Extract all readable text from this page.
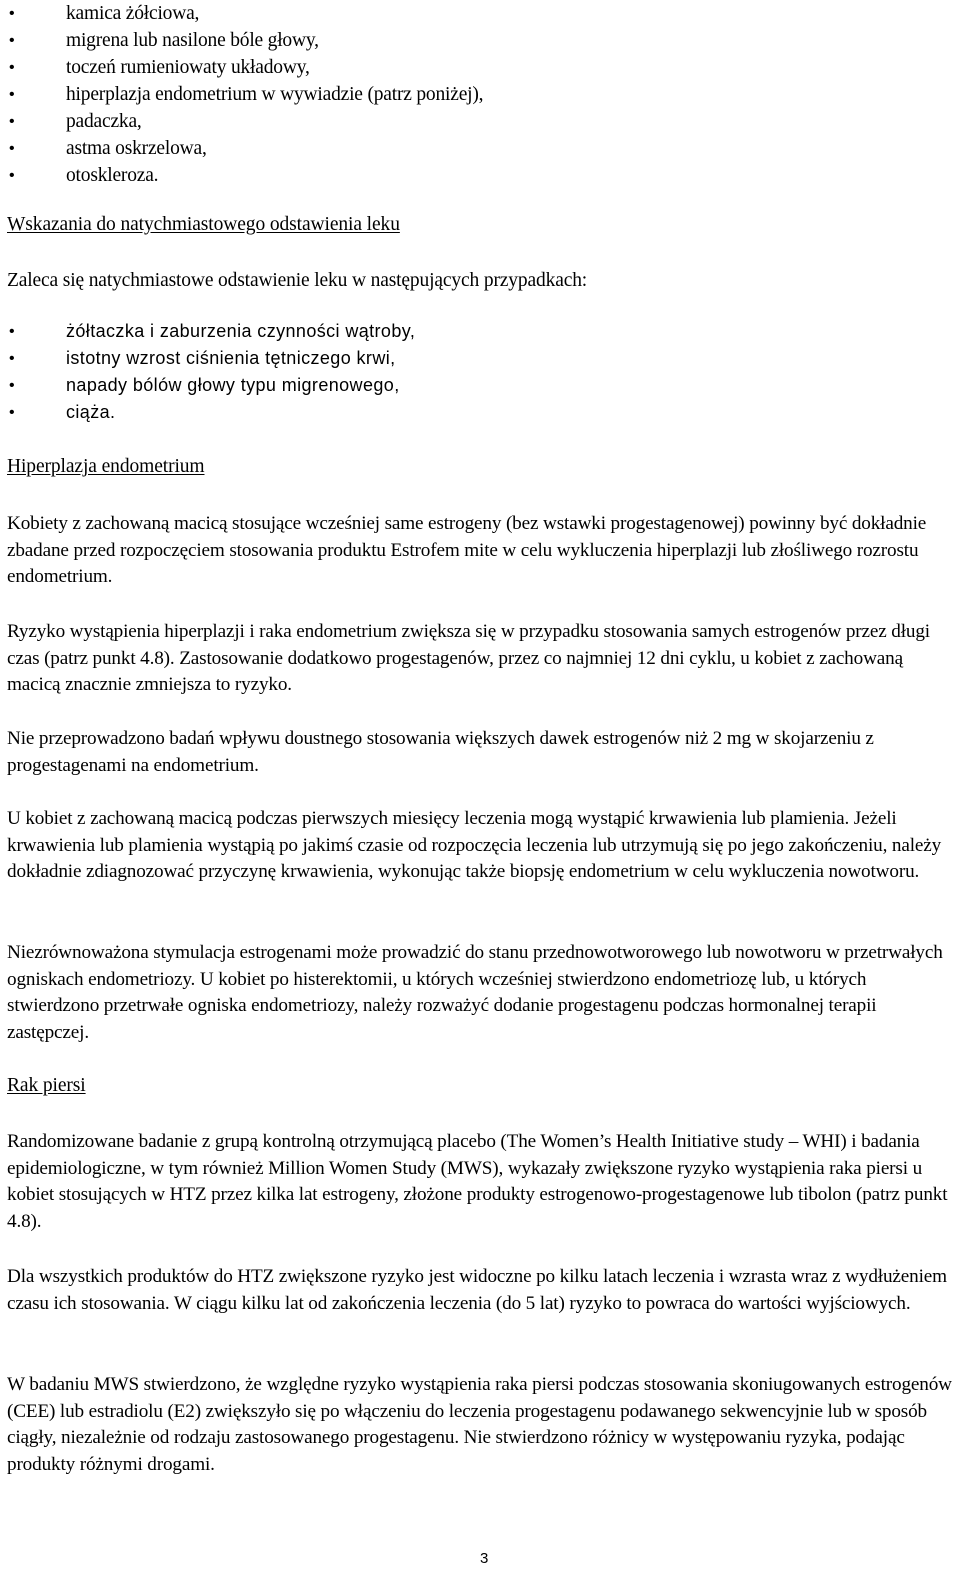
•	kamica żółciowa,
•	migrena lub nasilone bóle głowy,
•	toczeń rumieniowaty układowy,
•	hiperplazja endometrium w wywiadzie (patrz poniżej),
•	padaczka,
•	astma oskrzelowa,
•	otoskleroza.
Wskazania do natychmiastowego odstawienia leku
Zaleca się natychmiastowe odstawienie leku w następujących przypadkach:
•	żółtaczka i zaburzenia czynności wątroby,
•	istotny wzrost ciśnienia tętniczego krwi,
•	napady bólów głowy typu migrenowego,
•	ciąża.
Hiperplazja endometrium

Kobiety z zachowaną macicą stosujące wcześniej same estrogeny (bez wstawki progestagenowej) powinny być dokładnie zbadane przed rozpoczęciem stosowania produktu Estrofem mite w celu wykluczenia hiperplazji lub złośliwego rozrostu endometrium.

Ryzyko wystąpienia hiperplazji i raka endometrium zwiększa się w przypadku stosowania samych estrogenów przez długi czas (patrz punkt 4.8). Zastosowanie dodatkowo progestagenów, przez co najmniej 12 dni cyklu, u kobiet z zachowaną macicą znacznie zmniejsza to ryzyko.

Nie przeprowadzono badań wpływu doustnego stosowania większych dawek estrogenów niż 2 mg w skojarzeniu z progestagenami na endometrium.

U kobiet z zachowaną macicą podczas pierwszych miesięcy leczenia mogą wystąpić krwawienia lub plamienia. Jeżeli krwawienia lub plamienia wystąpią po jakimś czasie od rozpoczęcia leczenia lub utrzymują się po jego zakończeniu, należy dokładnie zdiagnozować przyczynę krwawienia, wykonując także biopsję endometrium w celu wykluczenia nowotworu.

Niezrównoważona stymulacja estrogenami może prowadzić do stanu przednowotworowego lub nowotworu w przetrwałych ogniskach endometriozy. U kobiet po histerektomii, u których wcześniej stwierdzono endometriozę lub, u których stwierdzono przetrwałe ogniska endometriozy, należy rozważyć dodanie progestagenu podczas hormonalnej terapii zastępczej.

Rak piersi

Randomizowane badanie z grupą kontrolną otrzymującą placebo (The Women’s Health Initiative study – WHI) i badania epidemiologiczne, w tym również Million Women Study (MWS), wykazały zwiększone ryzyko wystąpienia raka piersi u kobiet stosujących w HTZ przez kilka lat estrogeny, złożone produkty estrogenowo-progestagenowe lub tibolon (patrz punkt 4.8).

Dla wszystkich produktów do HTZ zwiększone ryzyko jest widoczne po kilku latach leczenia i wzrasta wraz z wydłużeniem czasu ich stosowania. W ciągu kilku lat od zakończenia leczenia (do 5 lat) ryzyko to powraca do wartości wyjściowych.

W badaniu MWS stwierdzono, że względne ryzyko wystąpienia raka piersi podczas stosowania skoniugowanych estrogenów (CEE) lub estradiolu (E2) zwiększyło się po włączeniu do leczenia progestagenu podawanego sekwencyjnie lub w sposób ciągły, niezależnie od rodzaju zastosowanego progestagenu. Nie stwierdzono różnicy w występowaniu ryzyka, podając produkty różnymi drogami.

3
